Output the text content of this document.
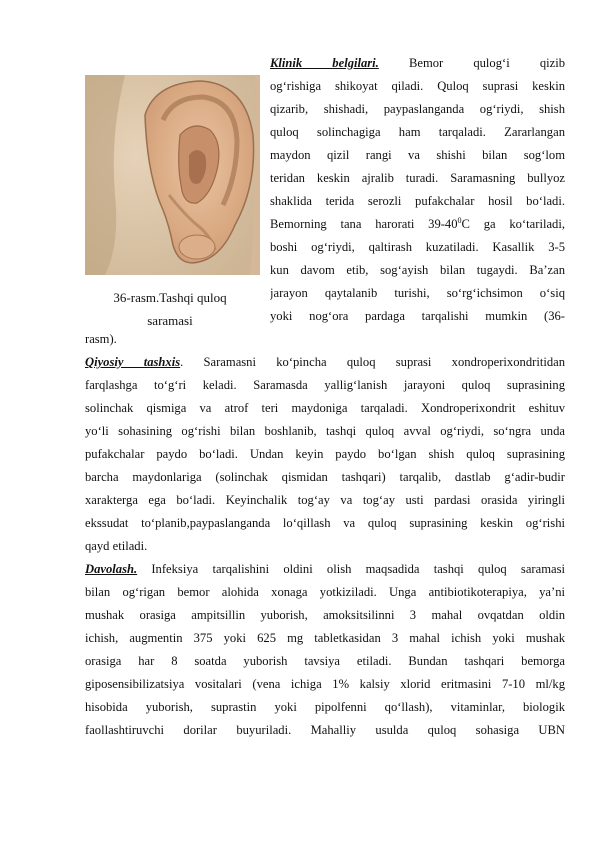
36-rasm.Tashqi quloq
saramasi
Klinik belgilari. Bemor qulog‘i qizib
og‘rishiga shikoyat qiladi. Quloq suprasi keskin
qizarib, shishadi, paypaslanganda og‘riydi, shish
quloq solinchagiga ham tarqaladi. Zararlangan
maydon qizil rangi va shishi bilan sog‘lom
teridan keskin ajralib turadi. Saramasning bullyoz
shaklida terida serozli pufakchalar hosil bo‘ladi.
Bemorning tana harorati $39-40^0C$ ga ko‘tariladi,
boshi og‘riydi, qaltirash kuzatiladi. Kasallik 3-5
kun davom etib, sog‘ayish bilan tugaydi. Ba’zan
jarayon qaytalanib turishi, so‘rg‘ichsimon o‘siq
yoki nog‘ora pardaga tarqalishi mumkin (36-
rasm).
Qiyosiy tashxis. Saramasni ko‘pincha quloq suprasi xondroperixondritidan
farqlashga to‘g‘ri keladi. Saramasda yallig‘lanish jarayoni quloq suprasining
solinchak qismiga va atrof teri maydoniga tarqaladi. Xondroperixondrit eshituv
yo‘li sohasining og‘rishi bilan boshlanib, tashqi quloq avval og‘riydi, so‘ngra unda
pufakchalar paydo bo‘ladi. Undan keyin paydo bo‘lgan shish quloq suprasining
barcha maydonlariga (solinchak qismidan tashqari) tarqalib, dastlab g‘adir-budir
xarakterga ega bo‘ladi. Keyinchalik tog‘ay va tog‘ay usti pardasi orasida yiringli
ekssudat to‘planib,paypaslanganda lo‘qillash va quloq suprasining keskin og‘rishi
qayd etiladi.
Davolash. Infeksiya tarqalishini oldini olish maqsadida tashqi quloq saramasi
bilan og‘rigan bemor alohida xonaga yotkiziladi. Unga antibiotikoterapiya, ya’ni
mushak orasiga ampitsillin yuborish, amoksitsilinni 3 mahal ovqatdan oldin
ichish, augmentin 375 yoki 625 mg tabletkasidan 3 mahal ichish yoki mushak
orasiga har 8 soatda yuborish tavsiya etiladi. Bundan tashqari bemorga
giposensibilizatsiya vositalari (vena ichiga 1% kalsiy xlorid eritmasini 7-10 ml/kg
hisobida yuborish, suprastin yoki pipolfenni qo‘llash), vitaminlar, biologik
faollashtiruvchi dorilar buyuriladi. Mahalliy usulda quloq sohasiga UBN
